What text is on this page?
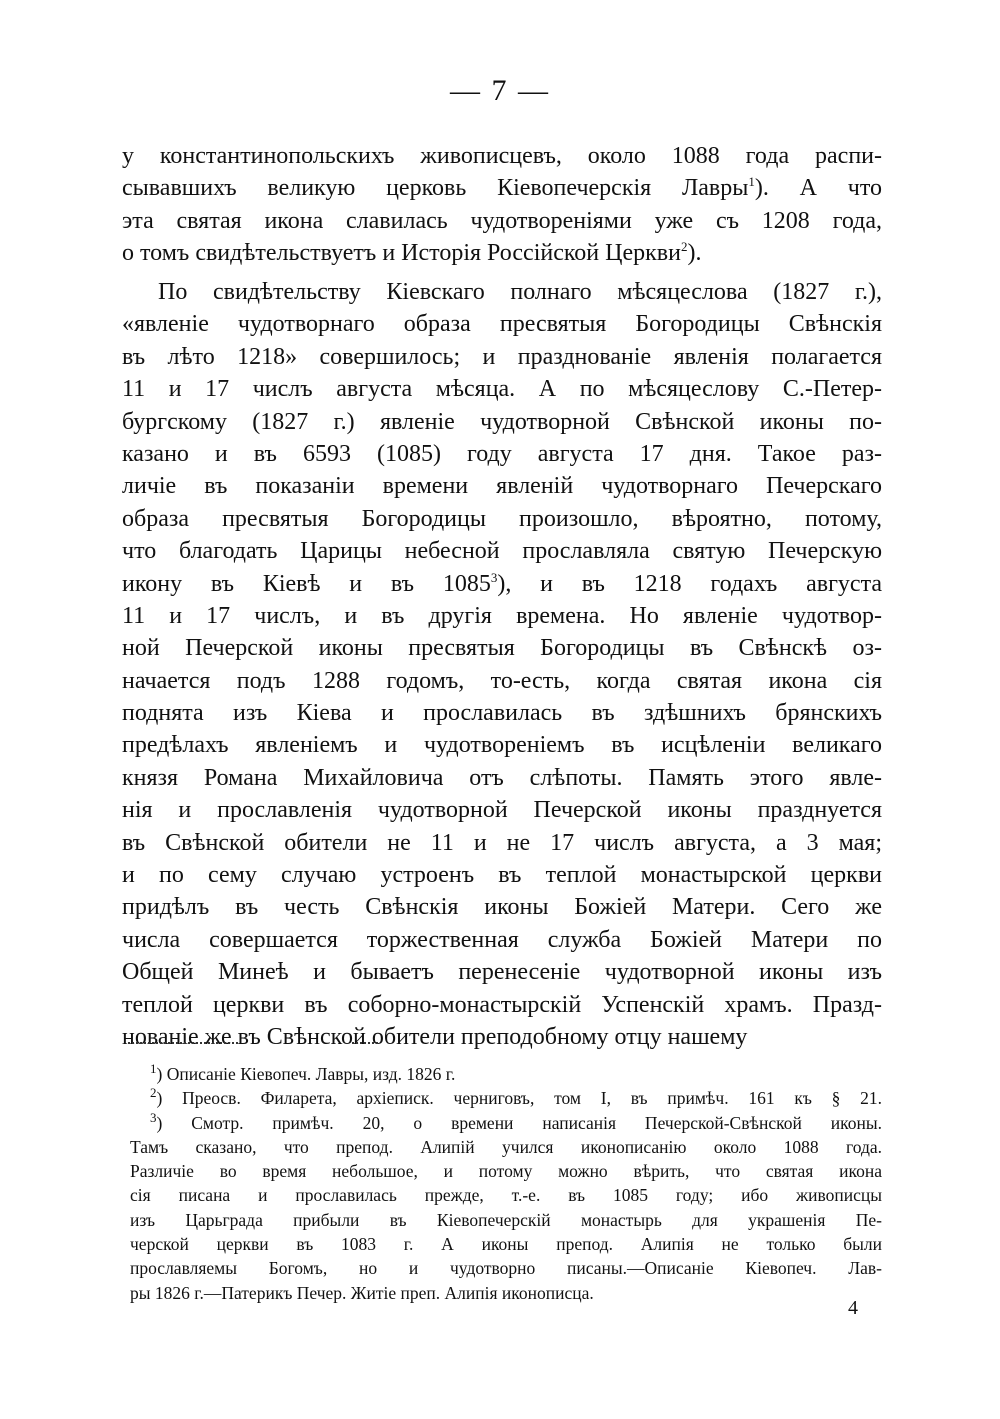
— 7 —
у константинопольскихъ живописцевъ, около 1088 года распи-
сывавшихъ великую церковь Кіевопечерскія Лавры$^1$). А что
эта святая икона славилась чудотвореніями уже съ 1208 года,
о томъ свидѣтельствуетъ и Исторія Россійской Церкви$^2$).
По свидѣтельству Кіевскаго полнаго мѣсяцеслова (1827 г.),
«явленіе чудотворнаго образа пресвятыя Богородицы Свѣнскія
въ лѣто 1218» совершилось; и празднованіе явленія полагается
11 и 17 числъ августа мѣсяца. А по мѣсяцеслову С.-Петер-
бургскому (1827 г.) явленіе чудотворной Свѣнской иконы по-
казано и въ 6593 (1085) году августа 17 дня. Такое раз-
личіе въ показаніи времени явленій чудотворнаго Печерскаго
образа пресвятыя Богородицы произошло, вѣроятно, потому,
что благодать Царицы небесной прославляла святую Печерскую
икону въ Кіевѣ и въ 1085$^3$), и въ 1218 годахъ августа
11 и 17 числъ, и въ другія времена. Но явленіе чудотвор-
ной Печерской иконы пресвятыя Богородицы въ Свѣнскѣ оз-
начается подъ 1288 годомъ, то-есть, когда святая икона сія
поднята изъ Кіева и прославилась въ здѣшнихъ брянскихъ
предѣлахъ явленіемъ и чудотвореніемъ въ исцѣленіи великаго
князя Романа Михайловича отъ слѣпоты. Память этого явле-
нія и прославленія чудотворной Печерской иконы празднуется
въ Свѣнской обители не 11 и не 17 числъ августа, а 3 мая;
и по сему случаю устроенъ въ теплой монастырской церкви
придѣлъ въ честь Свѣнскія иконы Божіей Матери. Сего же
числа совершается торжественная служба Божіей Матери по
Общей Минеѣ и бываетъ перенесеніе чудотворной иконы изъ
теплой церкви въ соборно-монастырскій Успенскій храмъ. Празд-
нованіе же въ Свѣнской обители преподобному отцу нашему
$^1$) Описаніе Кіевопеч. Лавры, изд. 1826 г.
$^2$) Преосв. Филарета, архіеписк. черниговъ, том I, въ примѣч. 161 къ § 21.
$^3$) Смотр. примѣч. 20, о времени написанія Печерской-Свѣнской иконы.
Тамъ сказано, что препод. Алипій учился иконописанію около 1088 года.
Различіе во время небольшое, и потому можно вѣрить, что святая икона
сія писана и прославилась прежде, т.-е. въ 1085 году; ибо живописцы
изъ Царьграда прибыли въ Кіевопечерскій монастырь для украшенія Пе-
черской церкви въ 1083 г. А иконы препод. Алипія не только были
прославляемы Богомъ, но и чудотворно писаны.—Описаніе Кіевопеч. Лав-
ры 1826 г.—Патерикъ Печер. Житіе преп. Алипія иконописца.
4
